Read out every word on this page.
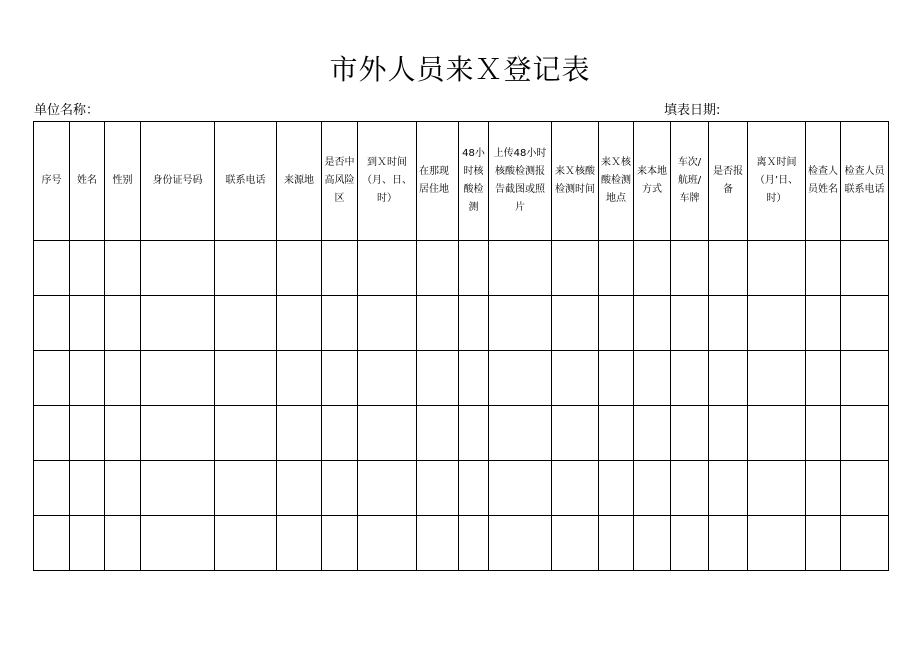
市外人员来Ｘ登记表
单位名称：	填表日期:
序号	姓名	性别	身份证号码	联系电话	来源地	是否中高风险区	到Ｘ时间（月、日、时）	在那现居住地	48小时核酸检测	上传48小时核酸检测报告截图或照片	来Ｘ核酸检测时间	来Ｘ核酸检测地点	来本地方式	车次/航班/车牌	是否报备	离Ｘ时间（月’日、时）	检查人员姓名	检查人员联系电话
